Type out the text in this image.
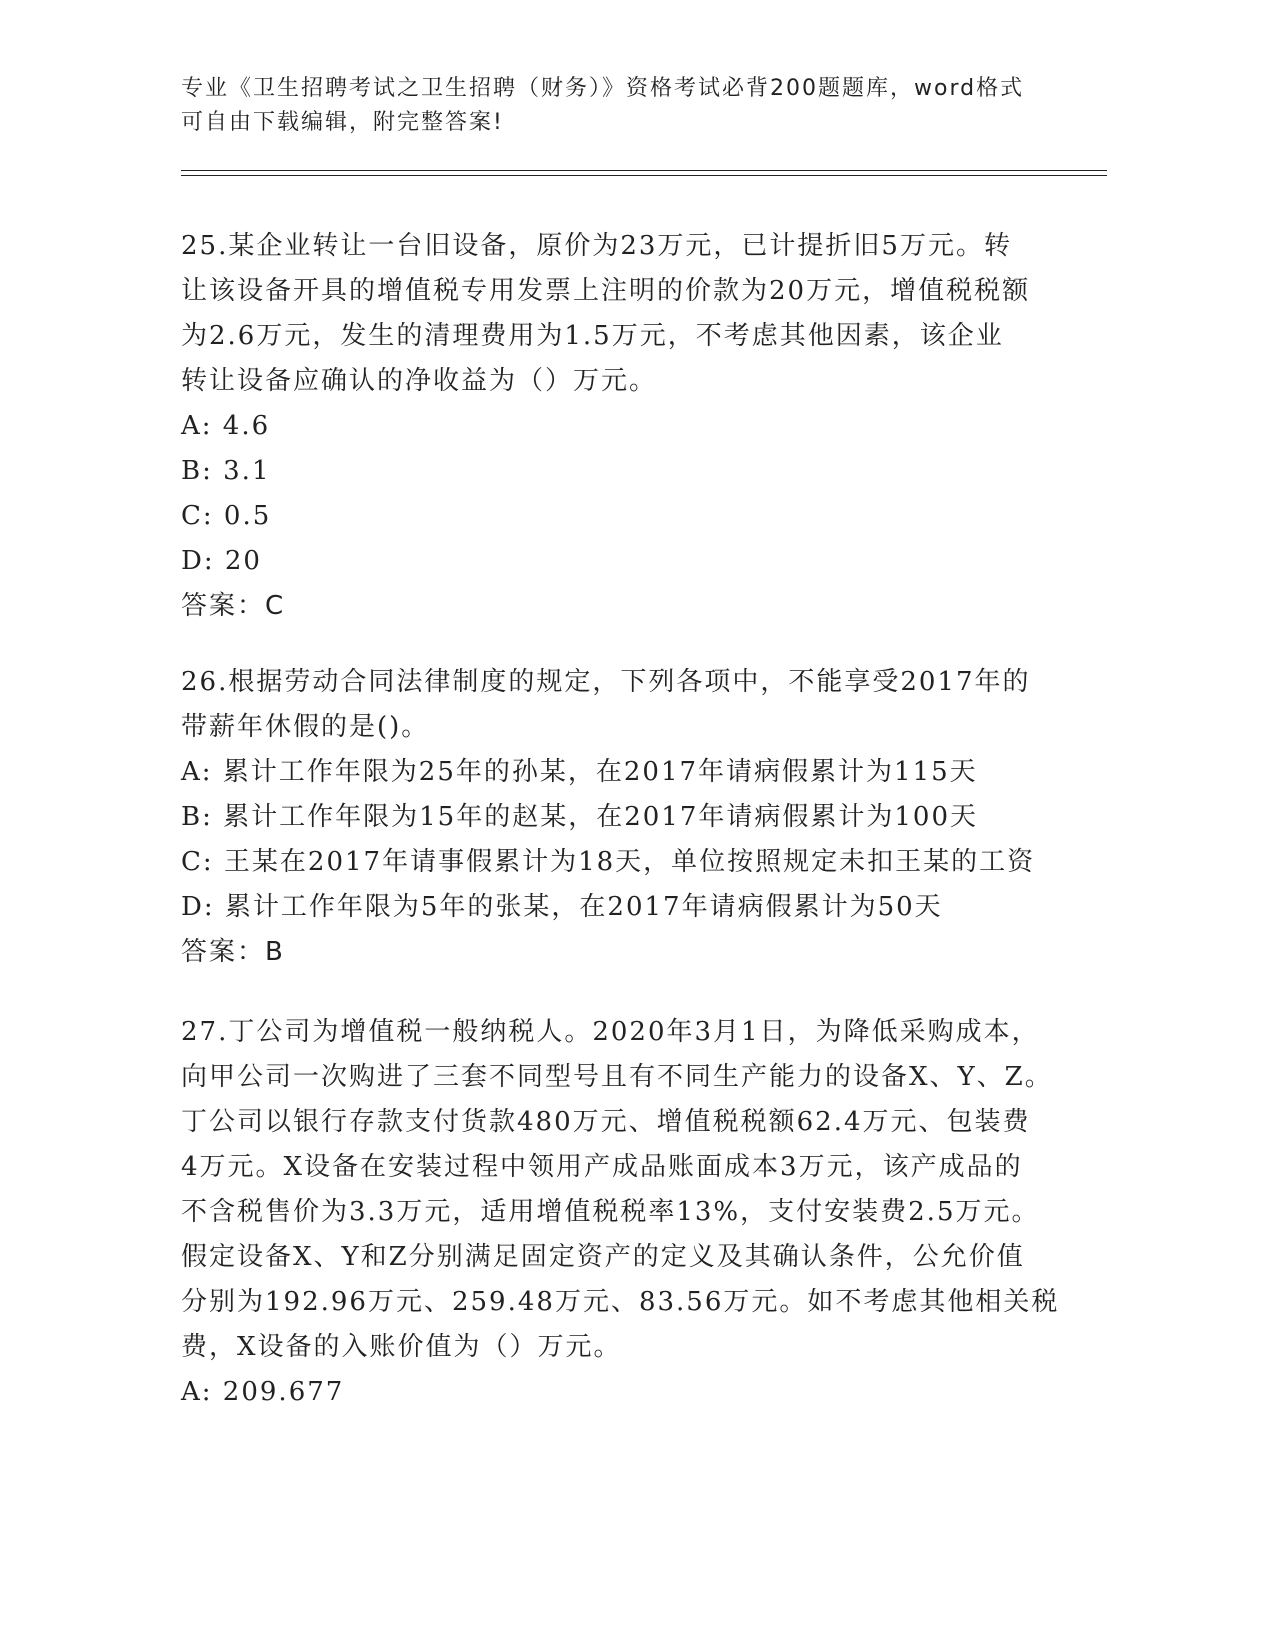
专业《卫生招聘考试之卫生招聘（财务）》资格考试必背200题题库，word格式
可自由下载编辑，附完整答案!
25.某企业转让一台旧设备，原价为23万元，已计提折旧5万元。转
让该设备开具的增值税专用发票上注明的价款为20万元，增值税税额
为2.6万元，发生的清理费用为1.5万元，不考虑其他因素，该企业
转让设备应确认的净收益为（）万元。
A: 4.6
B: 3.1
C: 0.5
D: 20
答案：C
26.根据劳动合同法律制度的规定，下列各项中，不能享受2017年的
带薪年休假的是()。
A: 累计工作年限为25年的孙某，在2017年请病假累计为115天
B: 累计工作年限为15年的赵某，在2017年请病假累计为100天
C: 王某在2017年请事假累计为18天，单位按照规定未扣王某的工资
D: 累计工作年限为5年的张某，在2017年请病假累计为50天
答案：B
27.丁公司为增值税一般纳税人。2020年3月1日，为降低采购成本，
向甲公司一次购进了三套不同型号且有不同生产能力的设备X、Y、Z。
丁公司以银行存款支付货款480万元、增值税税额62.4万元、包装费
4万元。X设备在安装过程中领用产成品账面成本3万元，该产成品的
不含税售价为3.3万元，适用增值税税率13%，支付安装费2.5万元。
假定设备X、Y和Z分别满足固定资产的定义及其确认条件，公允价值
分别为192.96万元、259.48万元、83.56万元。如不考虑其他相关税
费，X设备的入账价值为（）万元。
A: 209.677
